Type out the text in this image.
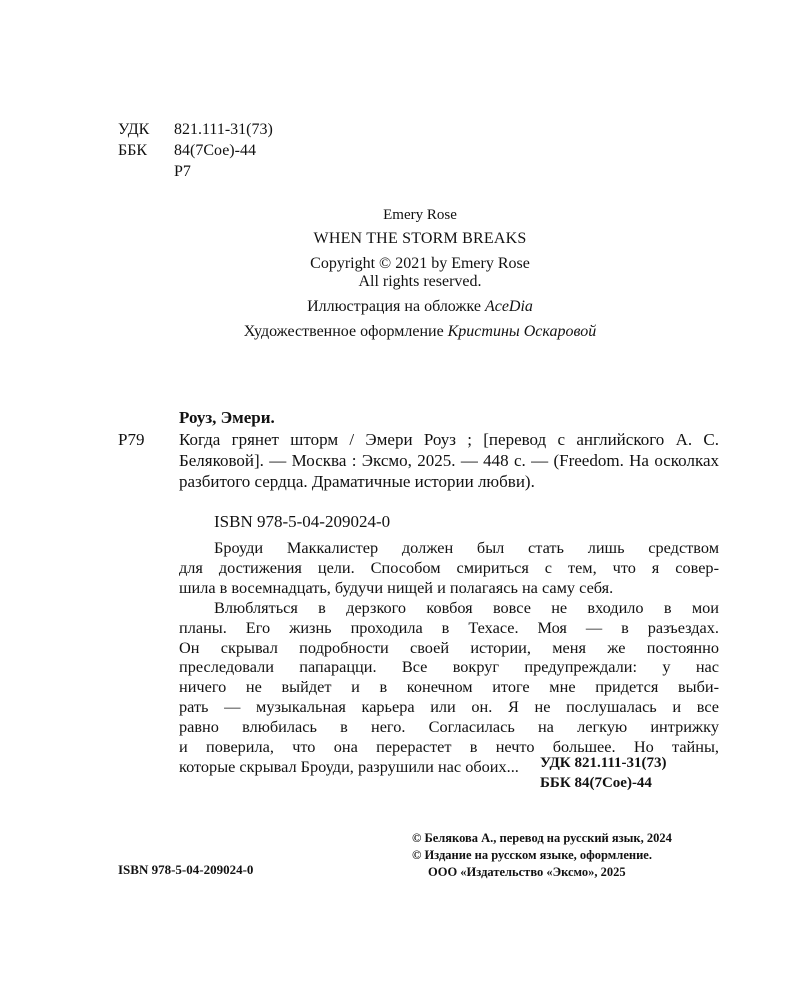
УДК	821.111-31(73)
ББК	84(7Сое)-44
Р7
Emery Rose
WHEN THE STORM BREAKS
Copyright © 2021 by Emery Rose
All rights reserved.
Иллюстрация на обложке AceDia
Художественное оформление Кристины Оскаровой
Роуз, Эмери.
Р79 Когда грянет шторм / Эмери Роуз ; [перевод с английского А. С. Беляковой]. — Москва : Эксмо, 2025. — 448 с. — (Freedom. На осколках разбитого сердца. Драматичные истории любви).

ISBN 978-5-04-209024-0
Броуди Маккалистер должен был стать лишь средством
для достижения цели. Способом смириться с тем, что я совер-
шила в восемнадцать, будучи нищей и полагаясь на саму себя.
Влюбляться в дерзкого ковбоя вовсе не входило в мои
планы. Его жизнь проходила в Техасе. Моя — в разъездах.
Он скрывал подробности своей истории, меня же постоянно
преследовали папарацци. Все вокруг предупреждали: у нас
ничего не выйдет и в конечном итоге мне придется выби-
рать — музыкальная карьера или он. Я не послушалась и все
равно влюбилась в него. Согласилась на легкую интрижку
и поверила, что она перерастет в нечто большее. Но тайны,
которые скрывал Броуди, разрушили нас обоих...	УДК 821.111-31(73)
ББК 84(7Сое)-44
ISBN 978-5-04-209024-0
© Белякова А., перевод на русский язык, 2024
© Издание на русском языке, оформление.
ООО «Издательство «Эксмо», 2025
